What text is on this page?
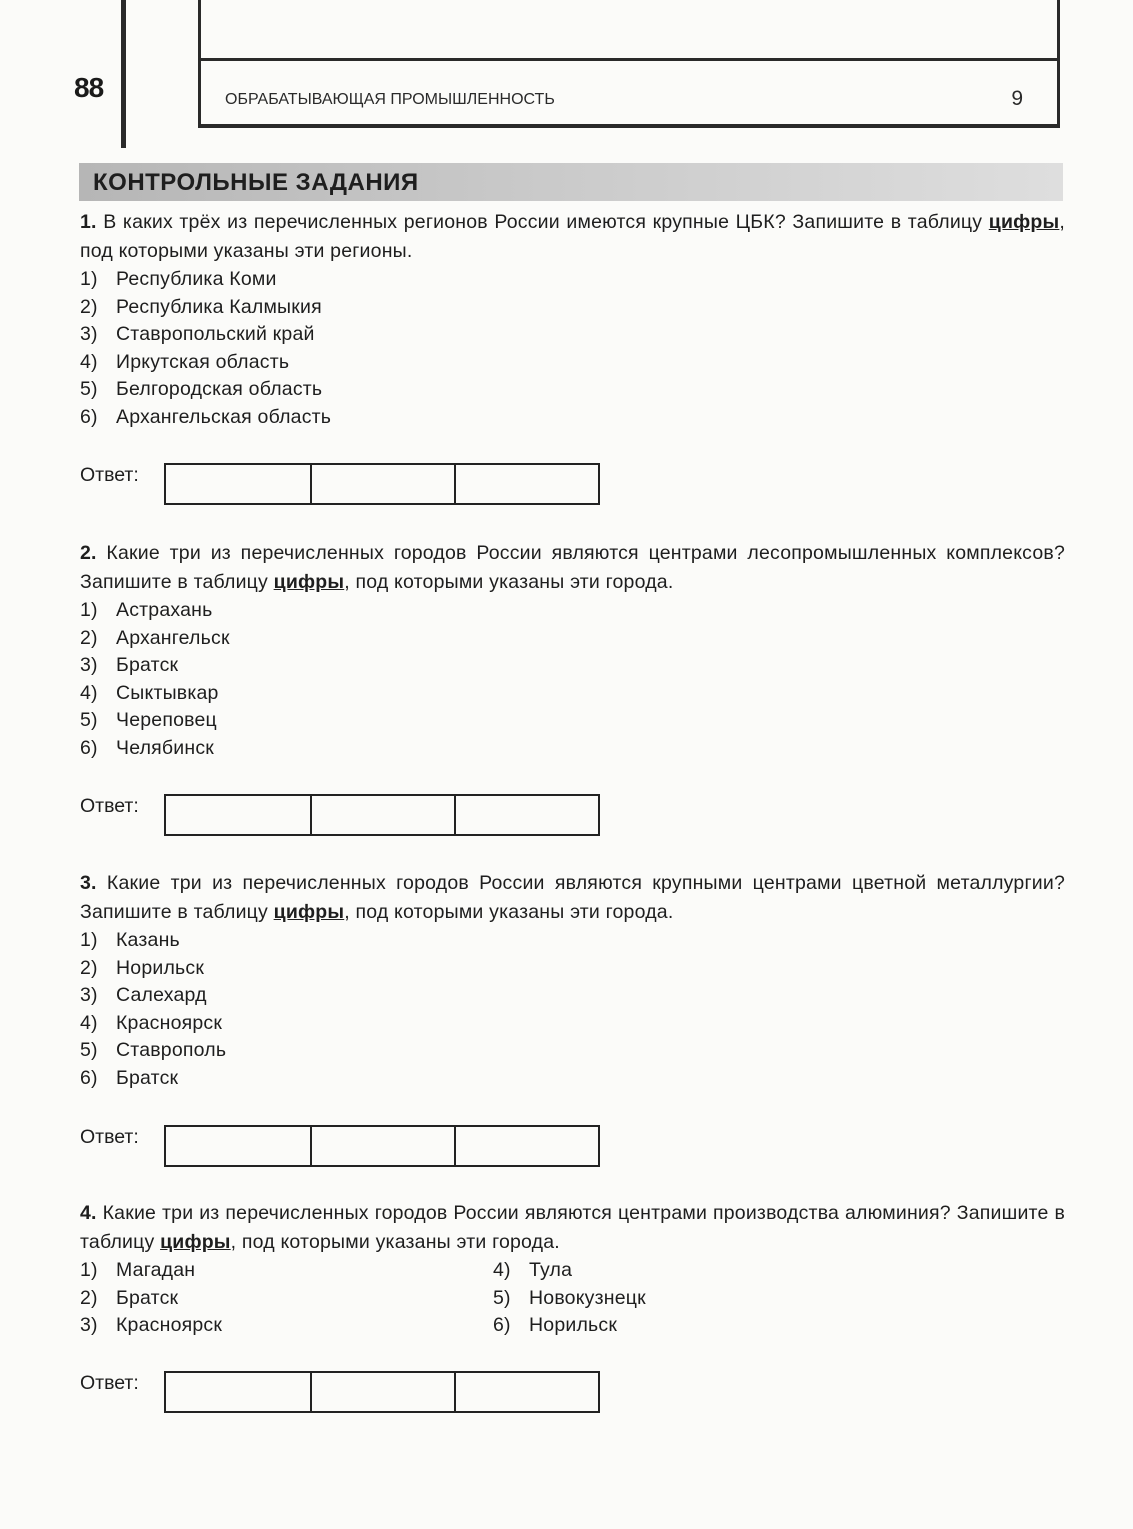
88	ОБРАБАТЫВАЮЩАЯ ПРОМЫШЛЕННОСТЬ	9
КОНТРОЛЬНЫЕ ЗАДАНИЯ

1. В каких трёх из перечисленных регионов России имеются крупные ЦБК? Запишите в таблицу цифры, под которыми указаны эти регионы.

1) Республика Коми
2) Республика Калмыкия
3) Ставропольский край
4) Иркутская область
5) Белгородская область
6) Архангельская область
Ответ:

2. Какие три из перечисленных городов России являются центрами лесопромышленных комплексов? Запишите в таблицу цифры, под которыми указаны эти города.

1) Астрахань
2) Архангельск
3) Братск
4) Сыктывкар
5) Череповец
6) Челябинск
Ответ:

3. Какие три из перечисленных городов России являются крупными центрами цветной металлургии? Запишите в таблицу цифры, под которыми указаны эти города.

1) Казань
2) Норильск
3) Салехард
4) Красноярск
5) Ставрополь
6) Братск
Ответ:

4. Какие три из перечисленных городов России являются центрами производства алюминия? Запишите в таблицу цифры, под которыми указаны эти города.

1) Магадан
2) Братск
3) Красноярск
4) Тула
5) Новокузнецк
6) Норильск
Ответ:
